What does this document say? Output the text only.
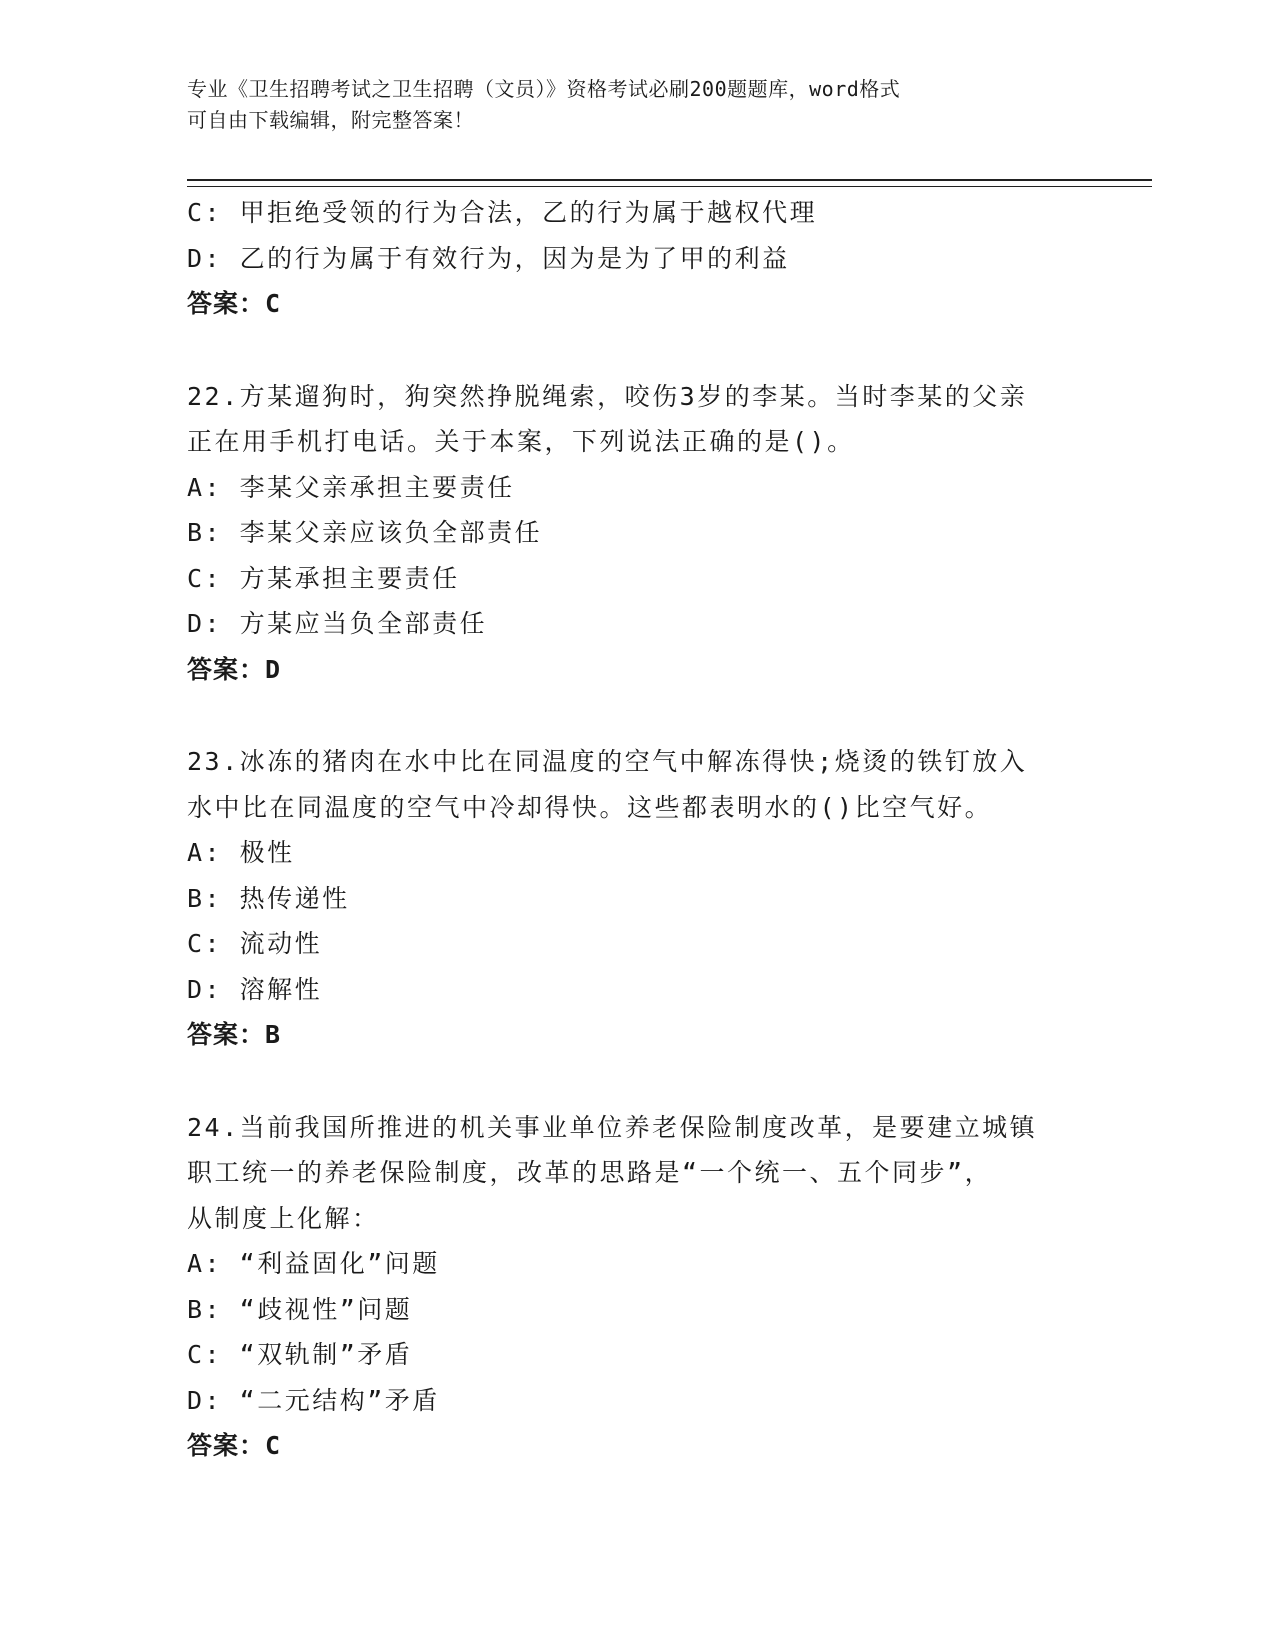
专业《卫生招聘考试之卫生招聘（文员）》资格考试必刷200题题库，word格式
可自由下载编辑，附完整答案！
C: 甲拒绝受领的行为合法，乙的行为属于越权代理
D: 乙的行为属于有效行为，因为是为了甲的利益
答案：C
22.方某遛狗时，狗突然挣脱绳索，咬伤3岁的李某。当时李某的父亲
正在用手机打电话。关于本案，下列说法正确的是()。
A: 李某父亲承担主要责任
B: 李某父亲应该负全部责任
C: 方某承担主要责任
D: 方某应当负全部责任
答案：D
23.冰冻的猪肉在水中比在同温度的空气中解冻得快;烧烫的铁钉放入
水中比在同温度的空气中冷却得快。这些都表明水的()比空气好。
A: 极性
B: 热传递性
C: 流动性
D: 溶解性
答案：B
24.当前我国所推进的机关事业单位养老保险制度改革，是要建立城镇
职工统一的养老保险制度，改革的思路是“一个统一、五个同步”，
从制度上化解：
A: “利益固化”问题
B: “歧视性”问题
C: “双轨制”矛盾
D: “二元结构”矛盾
答案：C
